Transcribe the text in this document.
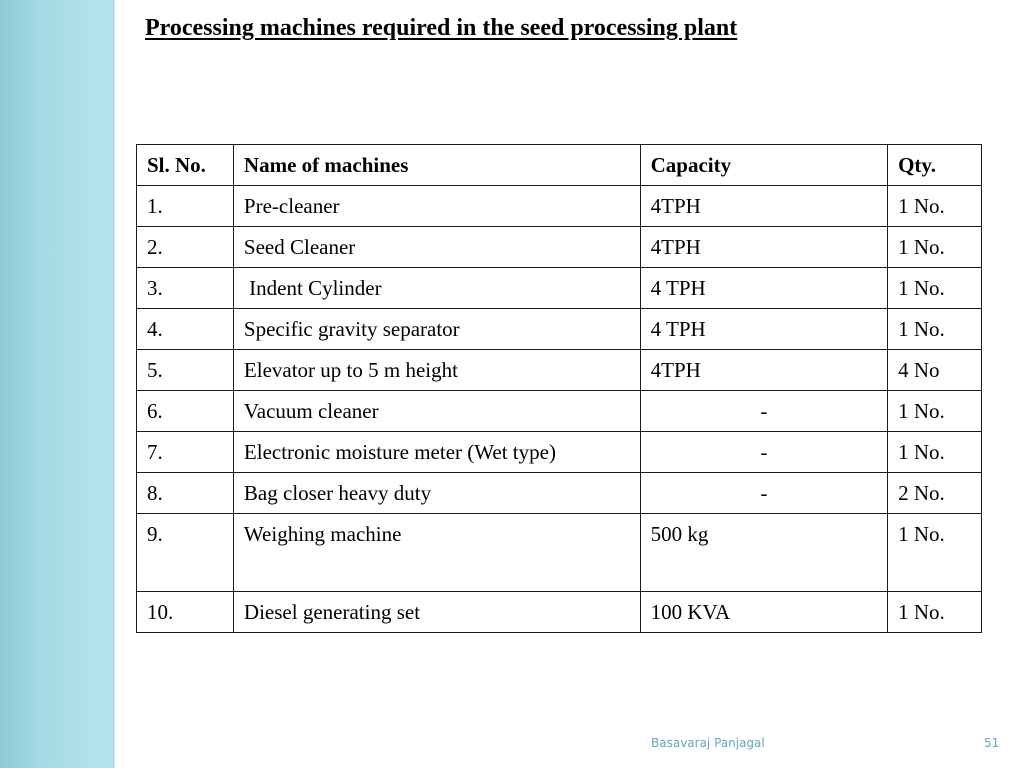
Processing machines required in the seed processing plant
Sl. No.	Name of machines	Capacity	Qty.
1.	Pre-cleaner	4TPH	1 No.
2.	Seed Cleaner	4TPH	1 No.
3.	Indent Cylinder	4 TPH	1 No.
4.	Specific gravity separator	4 TPH	1 No.
5.	Elevator up to 5 m height	4TPH	4 No
6.	Vacuum cleaner	-	1 No.
7.	Electronic moisture meter (Wet type)	-	1 No.
8.	Bag closer heavy duty	-	2 No.
9.	Weighing machine	500 kg	1 No.
10.	Diesel generating set	100 KVA	1 No.
Basavaraj Panjagal	51
